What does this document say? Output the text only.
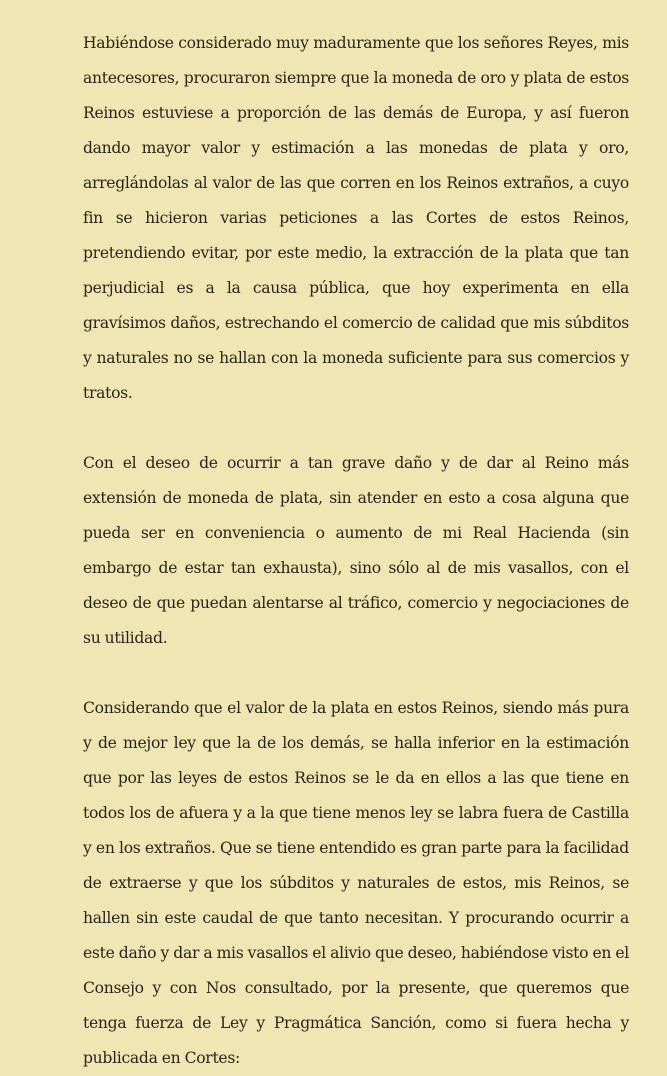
Habiéndose considerado muy maduramente que los señores Reyes, mis antecesores, procuraron siempre que la moneda de oro y plata de estos Reinos estuviese a proporción de las demás de Europa, y así fueron dando mayor valor y estimación a las monedas de plata y oro, arreglándolas al valor de las que corren en los Reinos extraños, a cuyo fin se hicieron varias peticiones a las Cortes de estos Reinos, pretendiendo evitar, por este medio, la extracción de la plata que tan perjudicial es a la causa pública, que hoy experimenta en ella gravísimos daños, estrechando el comercio de calidad que mis súbditos y naturales no se hallan con la moneda suficiente para sus comercios y tratos.

Con el deseo de ocurrir a tan grave daño y de dar al Reino más extensión de moneda de plata, sin atender en esto a cosa alguna que pueda ser en conveniencia o aumento de mi Real Hacienda (sin embargo de estar tan exhausta), sino sólo al de mis vasallos, con el deseo de que puedan alentarse al tráfico, comercio y negociaciones de su utilidad.

Considerando que el valor de la plata en estos Reinos, siendo más pura y de mejor ley que la de los demás, se halla inferior en la estimación que por las leyes de estos Reinos se le da en ellos a las que tiene en todos los de afuera y a la que tiene menos ley se labra fuera de Castilla y en los extraños. Que se tiene entendido es gran parte para la facilidad de extraerse y que los súbditos y naturales de estos, mis Reinos, se hallen sin este caudal de que tanto necesitan. Y procurando ocurrir a este daño y dar a mis vasallos el alivio que deseo, habiéndose visto en el Consejo y con Nos consultado, por la presente, que queremos que tenga fuerza de Ley y Pragmática Sanción, como si fuera hecha y publicada en Cortes:
